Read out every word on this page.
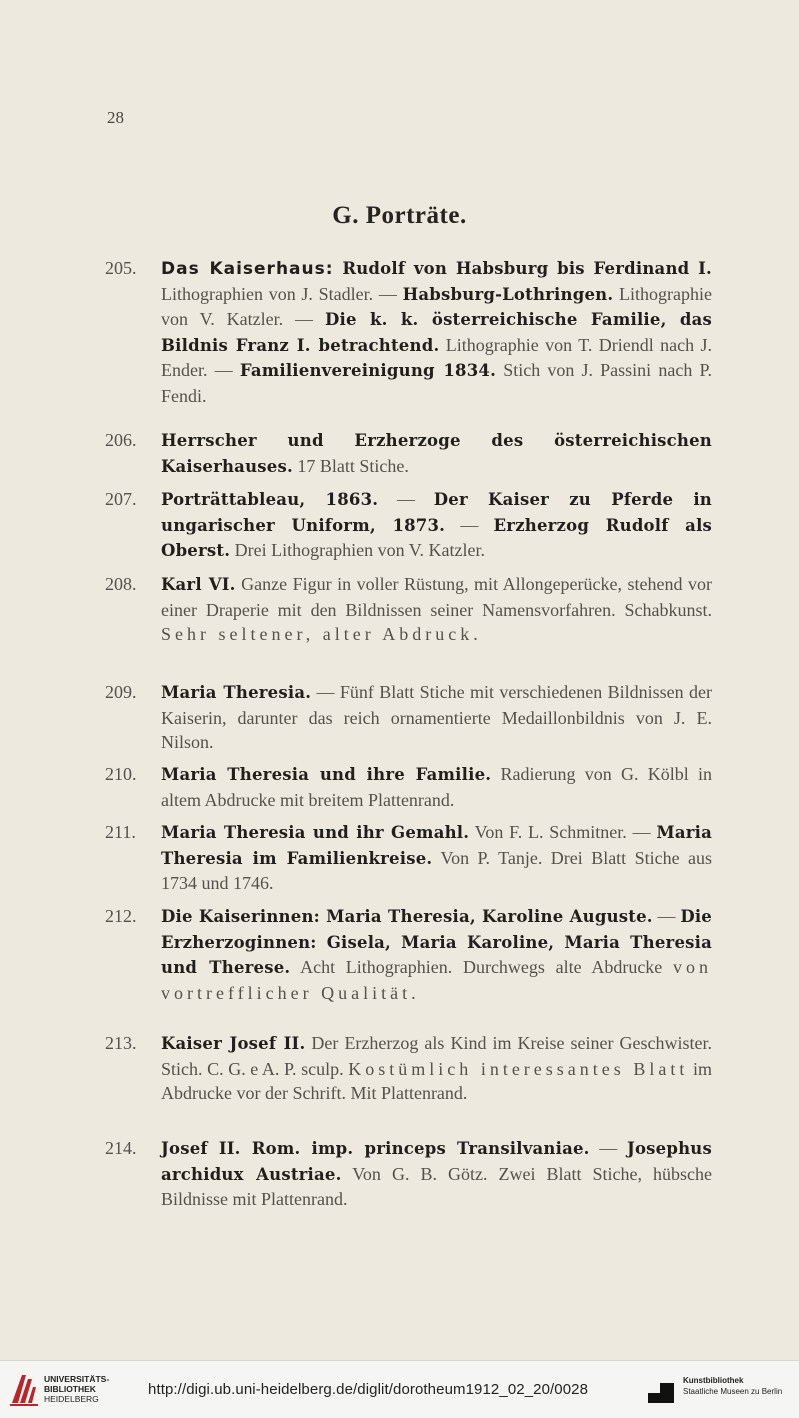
28
G. Porträte.
205.	Das Kaiserhaus: Rudolf von Habsburg bis Ferdinand I. Lithographien von J. Stadler. — Habsburg-Lothringen. Lithographie von V. Katzler. — Die k. k. österreichische Familie, das Bildnis Franz I. betrachtend. Lithographie von T. Driendl nach J. Ender. — Familienvereinigung 1834. Stich von J. Passini nach P. Fendi.
206.	Herrscher und Erzherzoge des österreichischen Kaiserhauses. 17 Blatt Stiche.
207.	Porträttableau, 1863. — Der Kaiser zu Pferde in ungarischer Uniform, 1873. — Erzherzog Rudolf als Oberst. Drei Lithographien von V. Katzler.
208.	Karl VI. Ganze Figur in voller Rüstung, mit Allongeperücke, stehend vor einer Draperie mit den Bildnissen seiner Namensvorfahren. Schabkunst. Sehr seltener, alter Abdruck.
209.	Maria Theresia. — Fünf Blatt Stiche mit verschiedenen Bildnissen der Kaiserin, darunter das reich ornamentierte Medaillonbildnis von J. E. Nilson.
210.	Maria Theresia und ihre Familie. Radierung von G. Kölbl in altem Abdrucke mit breitem Plattenrand.
211.	Maria Theresia und ihr Gemahl. Von F. L. Schmitner. — Maria Theresia im Familienkreise. Von P. Tanje. Drei Blatt Stiche aus 1734 und 1746.
212.	Die Kaiserinnen: Maria Theresia, Karoline Auguste. — Die Erzherzoginnen: Gisela, Maria Karoline, Maria Theresia und Therese. Acht Lithographien. Durchwegs alte Abdrucke von vortrefflicher Qualität.
213.	Kaiser Josef II. Der Erzherzog als Kind im Kreise seiner Geschwister. Stich. C. G. e A. P. sculp. Kostümlich interessantes Blatt im Abdrucke vor der Schrift. Mit Plattenrand.
214.	Josef II. Rom. imp. princeps Transilvaniae. — Josephus archidux Austriae. Von G. B. Götz. Zwei Blatt Stiche, hübsche Bildnisse mit Plattenrand.
UNIVERSITÄTS-
BIBLIOTHEK
HEIDELBERG
http://digi.ub.uni-heidelberg.de/diglit/dorotheum1912_02_20/0028
Kunstbibliothek
Staatliche Museen zu Berlin
